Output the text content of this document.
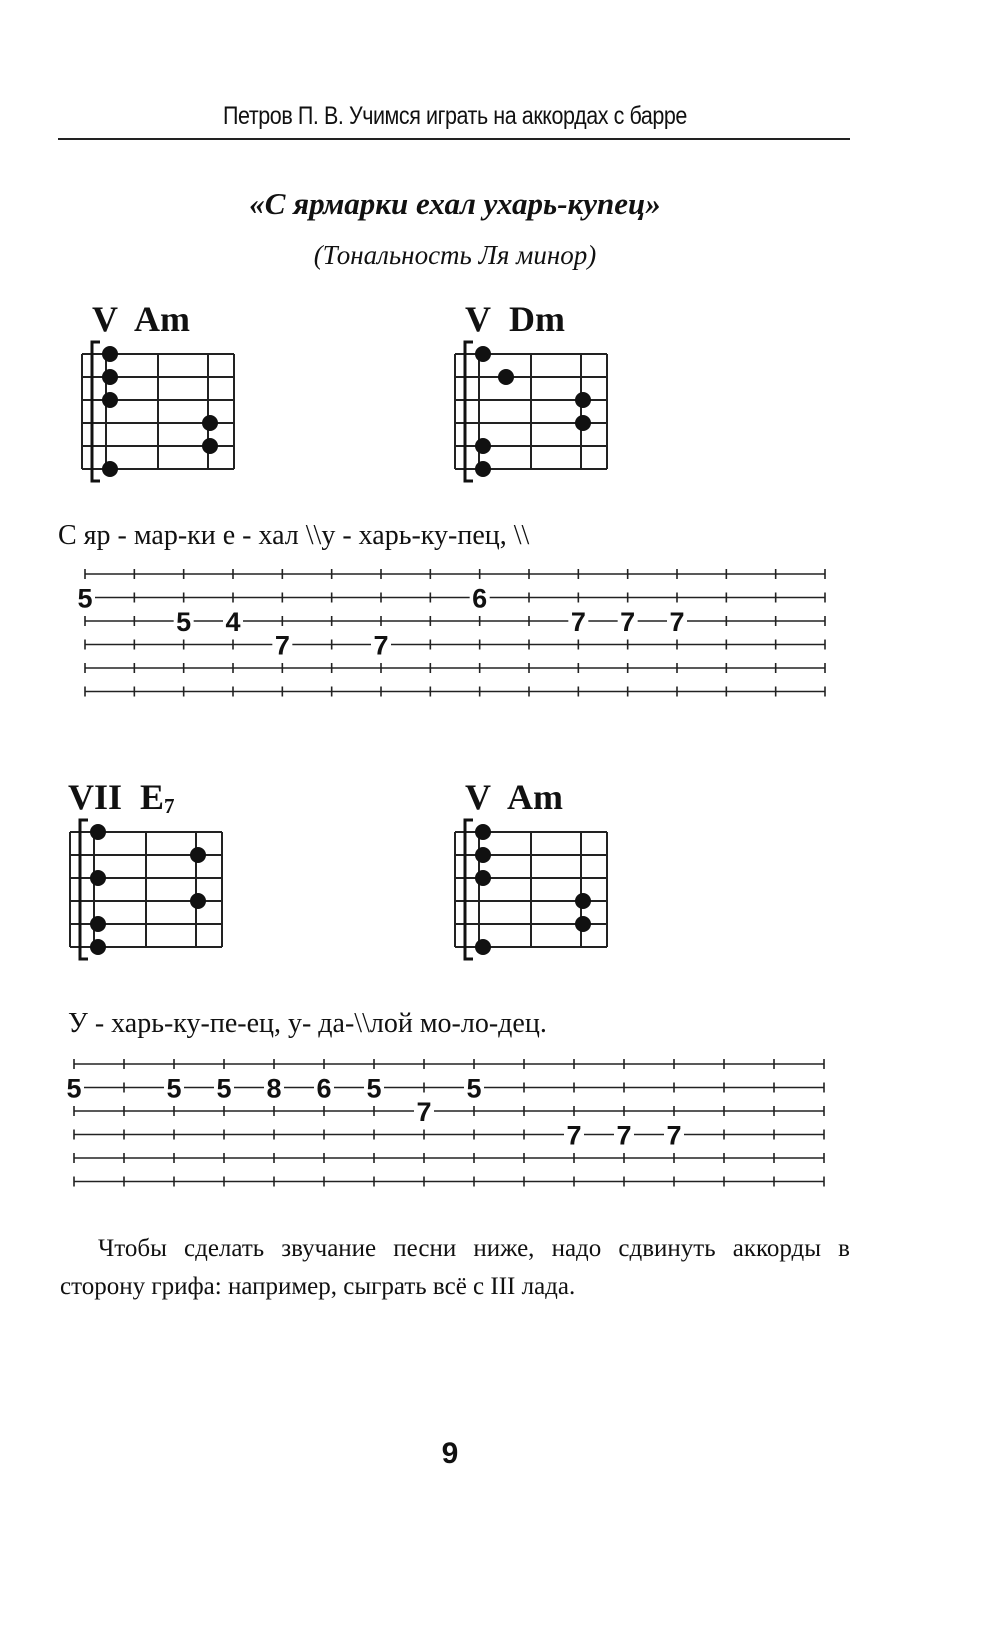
Петров П. В. Учимся играть на аккордах с барре
«С ярмарки ехал ухарь-купец»
(Тональность Ля минор)
V Am	V Dm
С яр - мар-ки е - хал \\у - харь-ку-пец, \\
5
5 4
7	7
6
7 7 7
VII $E_7$	V Am
У - харь-ку-пе-ец, у- да-\\лой мо-ло-дец.
5	5 5 8 6 5
7
5
7 7 7
Чтобы сделать звучание песни ниже, надо сдвинуть аккорды в сторону грифа: например, сыграть всё с III лада.
9
